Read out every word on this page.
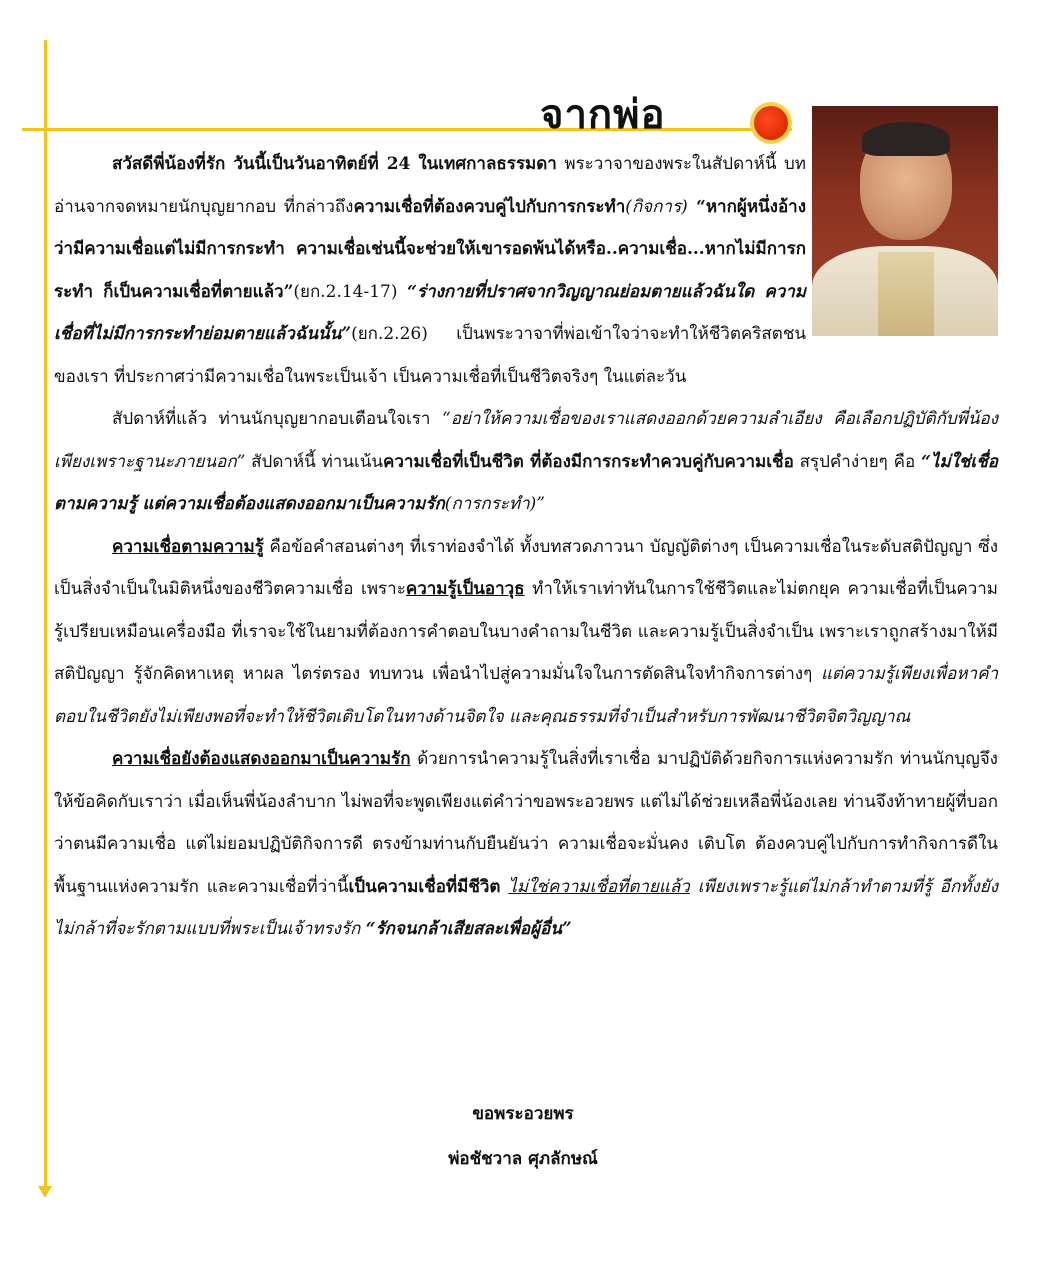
จากพ่อ

สวัสดีพี่น้องที่รัก วันนี้เป็นวันอาทิตย์ที่ 24 ในเทศกาลธรรมดา พระวาจาของพระในสัปดาห์นี้ บทอ่านจากจดหมายนักบุญยากอบ ที่กล่าวถึงความเชื่อที่ต้องควบคู่ไปกับการกระทำ(กิจการ) “หากผู้หนึ่งอ้างว่ามีความเชื่อแต่ไม่มีการกระทำ ความเชื่อเช่นนี้จะช่วยให้เขารอดพ้นได้หรือ..ความเชื่อ...หากไม่มีการกระทำ ก็เป็นความเชื่อที่ตายแล้ว”(ยก.2.14-17) “ร่างกายที่ปราศจากวิญญาณย่อมตายแล้วฉันใด ความเชื่อที่ไม่มีการกระทำย่อมตายแล้วฉันนั้น”(ยก.2.26) เป็นพระวาจาที่พ่อเข้าใจว่าจะทำให้ชีวิตคริสตชนของเรา ที่ประกาศว่ามีความเชื่อในพระเป็นเจ้า เป็นความเชื่อที่เป็นชีวิตจริงๆ ในแต่ละวัน

สัปดาห์ที่แล้ว ท่านนักบุญยากอบเตือนใจเรา “อย่าให้ความเชื่อของเราแสดงออกด้วยความลำเอียง คือเลือกปฏิบัติกับพี่น้อง เพียงเพราะฐานะภายนอก” สัปดาห์นี้ ท่านเน้นความเชื่อที่เป็นชีวิต ที่ต้องมีการกระทำควบคู่กับความเชื่อ สรุปคำง่ายๆ คือ “ไม่ใช่เชื่อตามความรู้ แต่ความเชื่อต้องแสดงออกมาเป็นความรัก(การกระทำ)”

ความเชื่อตามความรู้ คือข้อคำสอนต่างๆ ที่เราท่องจำได้ ทั้งบทสวดภาวนา บัญญัติต่างๆ เป็นความเชื่อในระดับสติปัญญา ซึ่งเป็นสิ่งจำเป็นในมิติหนึ่งของชีวิตความเชื่อ เพราะความรู้เป็นอาวุธ ทำให้เราเท่าทันในการใช้ชีวิตและไม่ตกยุค ความเชื่อที่เป็นความรู้เปรียบเหมือนเครื่องมือ ที่เราจะใช้ในยามที่ต้องการคำตอบในบางคำถามในชีวิต และความรู้เป็นสิ่งจำเป็น เพราะเราถูกสร้างมาให้มีสติปัญญา รู้จักคิดหาเหตุ หาผล ไตร่ตรอง ทบทวน เพื่อนำไปสู่ความมั่นใจในการตัดสินใจทำกิจการต่างๆ แต่ความรู้เพียงเพื่อหาคำตอบในชีวิตยังไม่เพียงพอที่จะทำให้ชีวิตเติบโตในทางด้านจิตใจ และคุณธรรมที่จำเป็นสำหรับการพัฒนาชีวิตจิตวิญญาณ

ความเชื่อยังต้องแสดงออกมาเป็นความรัก ด้วยการนำความรู้ในสิ่งที่เราเชื่อ มาปฏิบัติด้วยกิจการแห่งความรัก ท่านนักบุญจึงให้ข้อคิดกับเราว่า เมื่อเห็นพี่น้องลำบาก ไม่พอที่จะพูดเพียงแต่คำว่าขอพระอวยพร แต่ไม่ได้ช่วยเหลือพี่น้องเลย ท่านจึงท้าทายผู้ที่บอกว่าตนมีความเชื่อ แต่ไม่ยอมปฏิบัติกิจการดี ตรงข้ามท่านกับยืนยันว่า ความเชื่อจะมั่นคง เติบโต ต้องควบคู่ไปกับการทำกิจการดีในพื้นฐานแห่งความรัก และความเชื่อที่ว่านี้เป็นความเชื่อที่มีชีวิต ไม่ใช่ความเชื่อที่ตายแล้ว เพียงเพราะรู้แต่ไม่กล้าทำตามที่รู้ อีกทั้งยังไม่กล้าที่จะรักตามแบบที่พระเป็นเจ้าทรงรัก “รักจนกล้าเสียสละเพื่อผู้อื่น”

ขอพระอวยพร
พ่อชัชวาล ศุภลักษณ์
